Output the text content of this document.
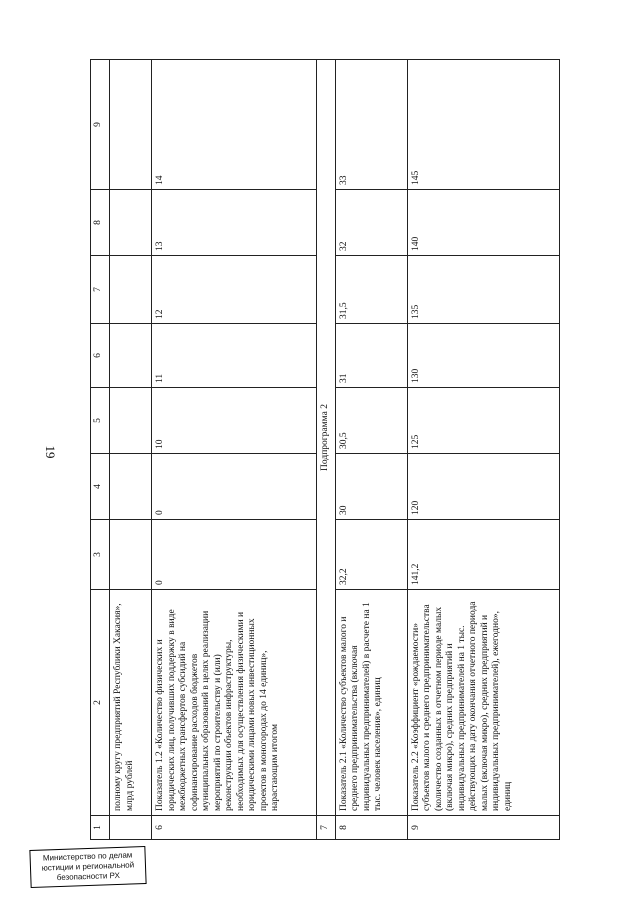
19
1	2	3	4	5	6	7	8	9
	полному кругу предприятий Республики Хакасия», млрд рублей							
6	Показатель 1.2 «Количество физических и юридических лиц, получивших поддержку в виде межбюджетных трансфертов субсидий на софинансирование расходов бюджетов муниципальных образований в целях реализации мероприятий по строительству и (или) реконструкции объектов инфраструктуры, необходимых для осуществления физическими и юридическими лицами новых инвестиционных проектов в моногородах до 14 единиц», нарастающим итогом	0	0	10	11	12	13	14
7	Подпрограмма 2							
8	Показатель 2.1 «Количество субъектов малого и среднего предпринимательства (включая индивидуальных предпринимателей) в расчете на 1 тыс. человек населения», единиц	32,2	30	30,5	31	31,5	32	33
9	Показатель 2.2 «Коэффициент «рождаемости» субъектов малого и среднего предпринимательства (количество созданных в отчетном периоде малых (включая микро), средних предприятий и индивидуальных предпринимателей на 1 тыс. действующих на дату окончания отчетного периода малых (включая микро), средних предприятий и индивидуальных предпринимателей), ежегодно», единиц	141,2	120	125	130	135	140	145
Министерство по делам
юстиции и региональной
безопасности РХ
